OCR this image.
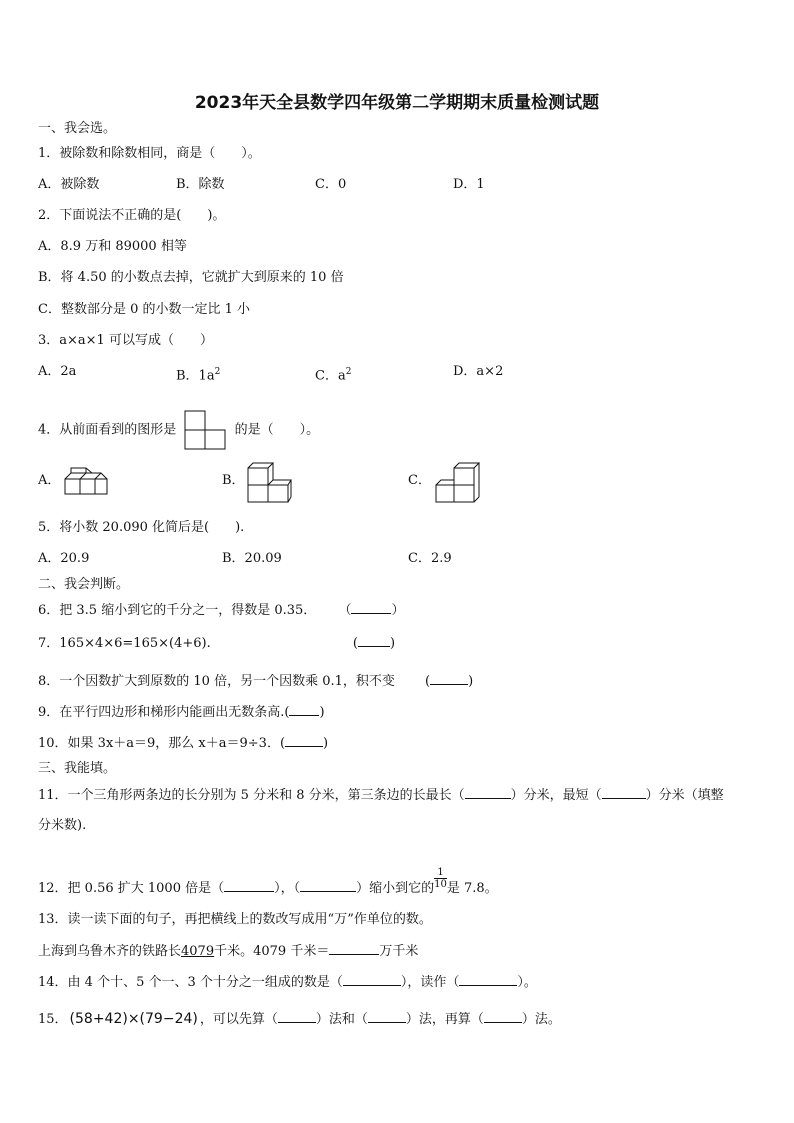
2023年天全县数学四年级第二学期期末质量检测试题
一、我会选。
1．被除数和除数相同，商是（　　）。
A．被除数	B．除数	C．0	D．1
2．下面说法不正确的是(　　)。
A．8.9 万和 89000 相等
B．将 4.50 的小数点去掉，它就扩大到原来的 10 倍
C．整数部分是 0 的小数一定比 1 小
3．a×a×1 可以写成（　　）
A．2a	B．$1a^2$	C．$a^2$	D．a×2
4．从前面看到的图形是	的是（　　）。
A．	B．	C．
5．将小数 20.090 化简后是(　　).
A．20.9	B．20.09	C．2.9
二、我会判断。
6．把 3.5 缩小到它的千分之一，得数是 0.35． （	）
7．165×4×6=165×(4+6).	( )
8．一个因数扩大到原数的 10 倍，另一个因数乘 0.1，积不变 (	)
9．在平行四边形和梯形内能画出无数条高.( )
10．如果 3x＋a＝9，那么 x＋a＝9÷3．(	)
三、我能填。
11．一个三角形两条边的长分别为 5 分米和 8 分米，第三条边的长最长（	）分米，最短（	）分米（填整
分米数).
12．把 0.56 扩大 1000 倍是（	），（	）缩小到它的 $\frac{1}{10}$ 是 7.8。
13．读一读下面的句子，再把横线上的数改写成用“万”作单位的数。
上海到乌鲁木齐的铁路长4079千米。4079 千米＝	万千米
14．由 4 个十、5 个一、3 个十分之一组成的数是（	），读作（	）。
15． (58+42)×(79−24) ，可以先算（	）法和（	）法，再算（	）法。
